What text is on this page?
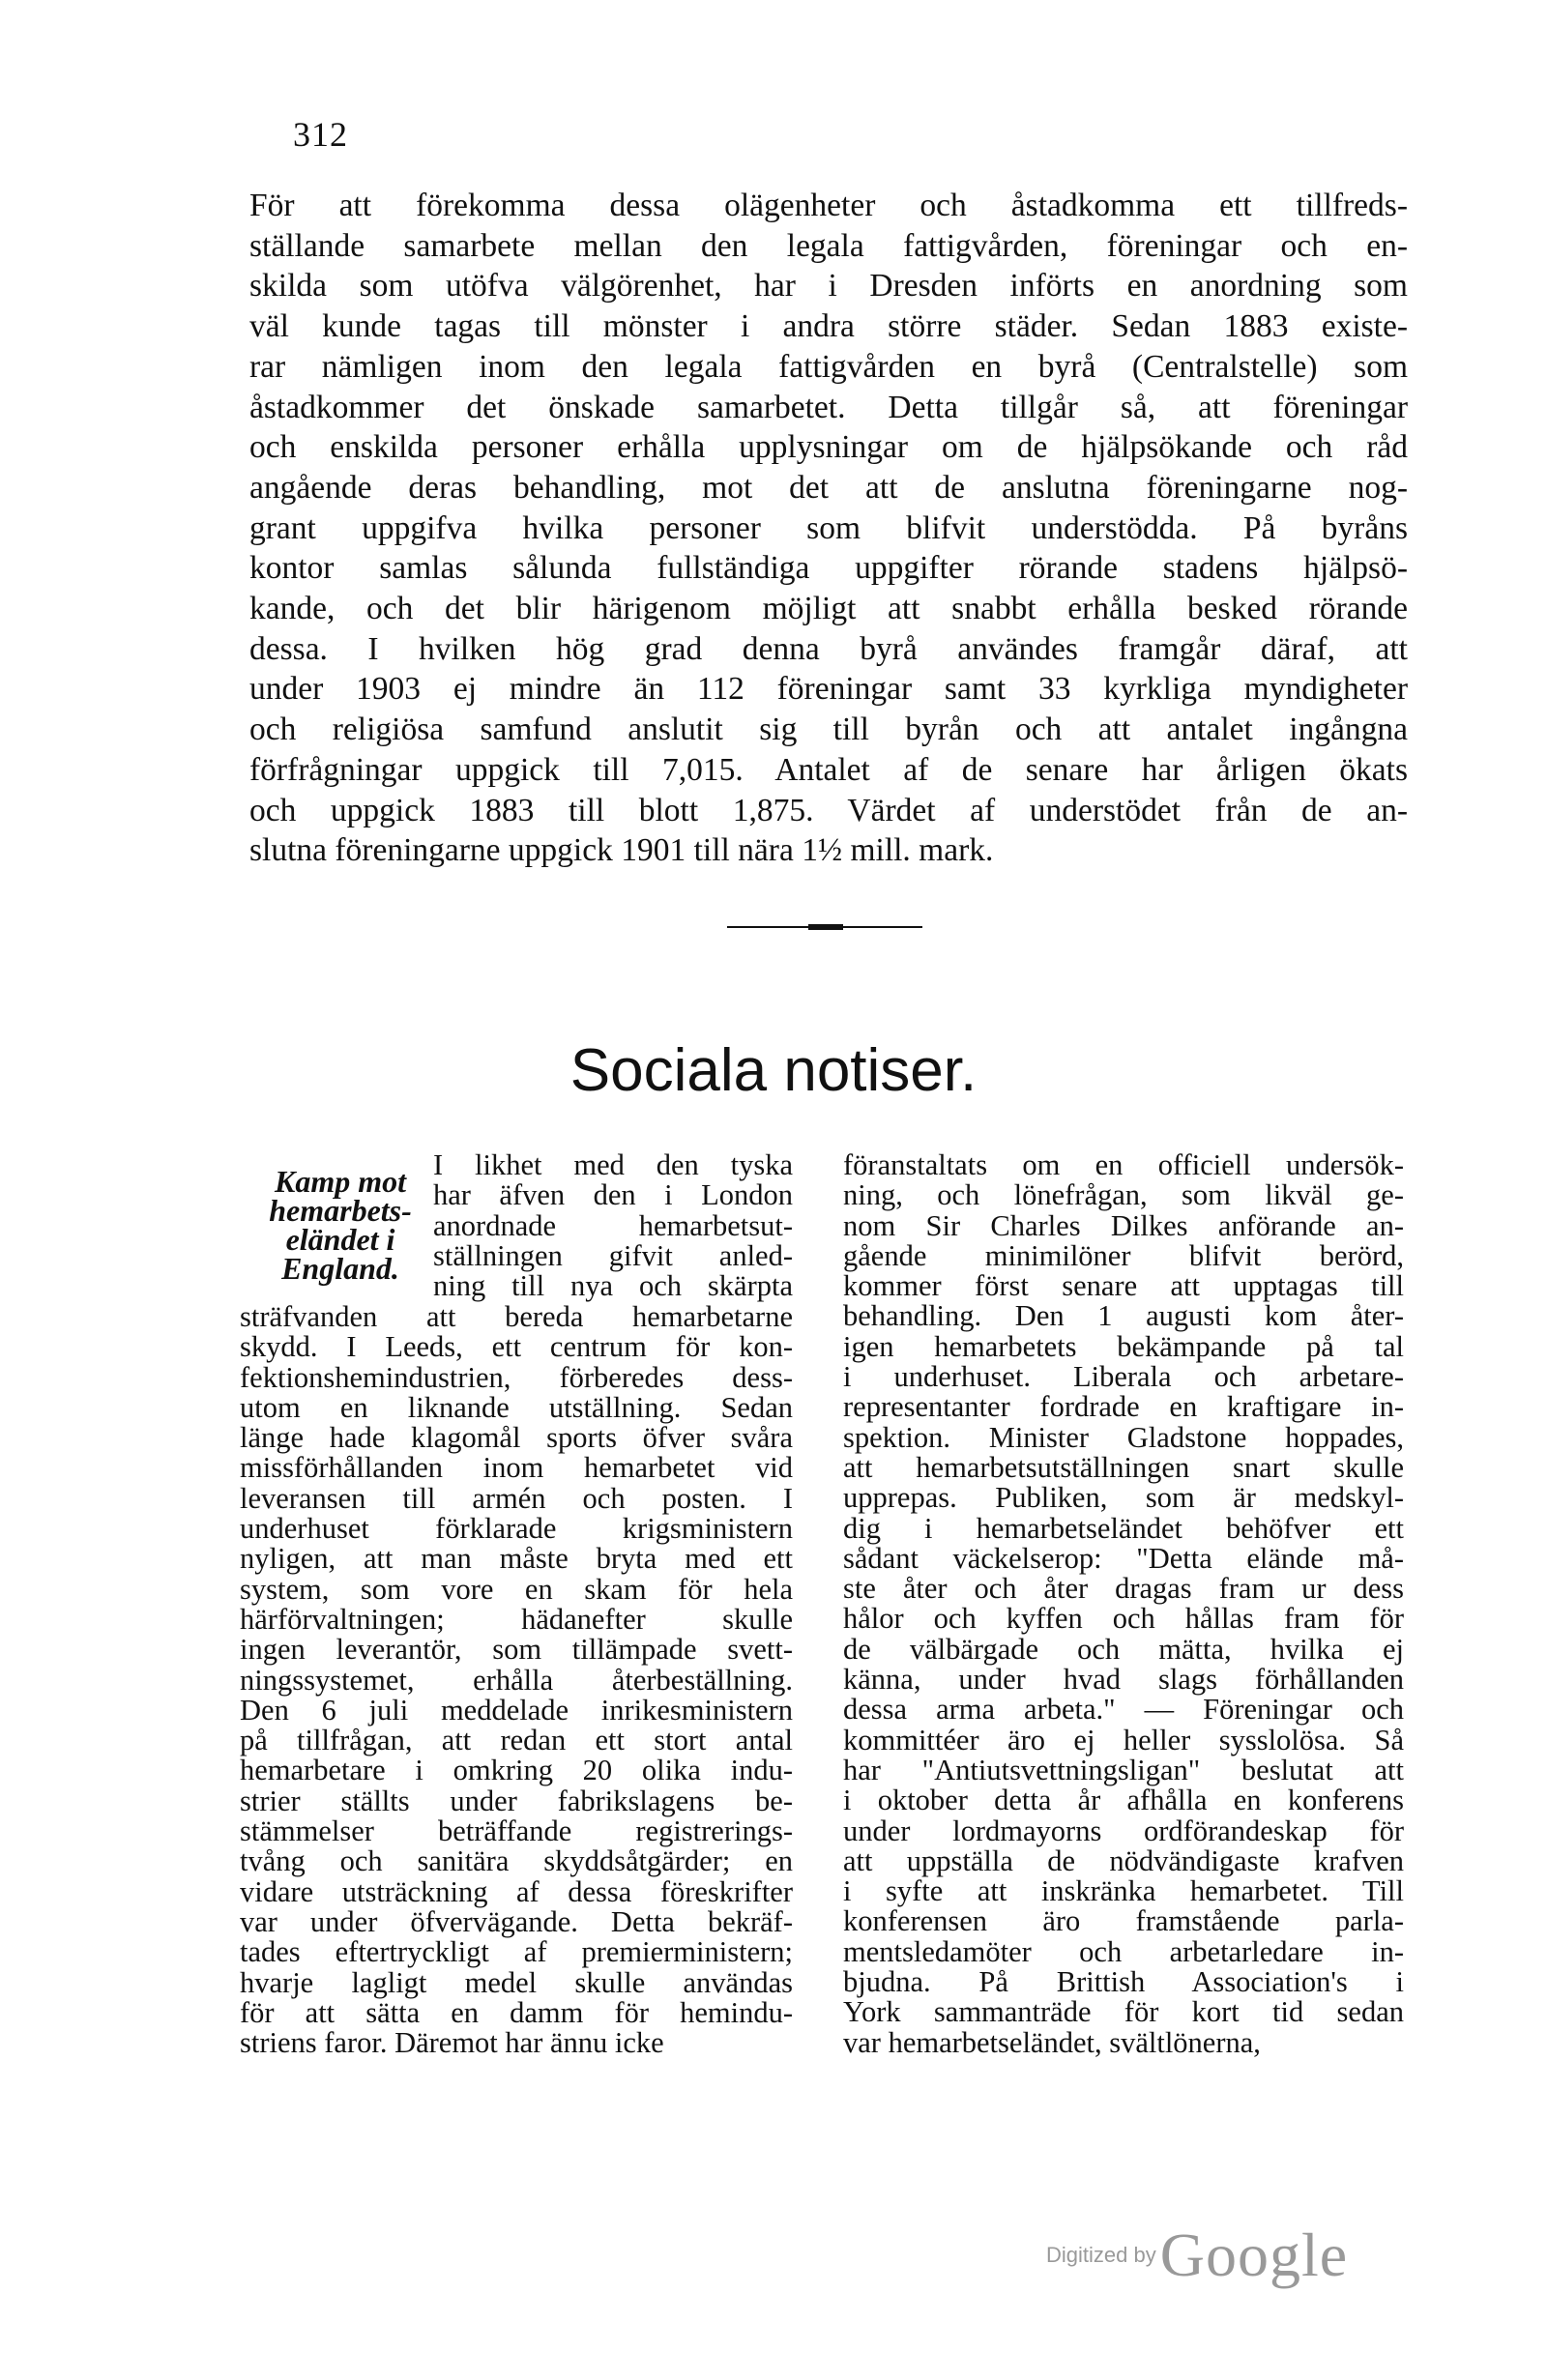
312
För att förekomma dessa olägenheter och åstadkomma ett tillfreds-
ställande samarbete mellan den legala fattigvården, föreningar och en-
skilda som utöfva välgörenhet, har i Dresden införts en anordning som
väl kunde tagas till mönster i andra större städer. Sedan 1883 existe-
rar nämligen inom den legala fattigvården en byrå (Centralstelle) som
åstadkommer det önskade samarbetet. Detta tillgår så, att föreningar
och enskilda personer erhålla upplysningar om de hjälpsökande och råd
angående deras behandling, mot det att de anslutna föreningarne nog-
grant uppgifva hvilka personer som blifvit understödda. På byråns
kontor samlas sålunda fullständiga uppgifter rörande stadens hjälpsö-
kande, och det blir härigenom möjligt att snabbt erhålla besked rörande
dessa. I hvilken hög grad denna byrå användes framgår däraf, att
under 1903 ej mindre än 112 föreningar samt 33 kyrkliga myndigheter
och religiösa samfund anslutit sig till byrån och att antalet ingångna
förfrågningar uppgick till 7,015. Antalet af de senare har årligen ökats
och uppgick 1883 till blott 1,875. Värdet af understödet från de an-
slutna föreningarne uppgick 1901 till nära 1½ mill. mark.
Sociala notiser.
Kamp mot
hemarbets-
eländet i
England.
I likhet med den tyska
har äfven den i London
anordnade hemarbetsut-
ställningen gifvit anled-
ning till nya och skärpta
sträfvanden att bereda hemarbetarne
skydd. I Leeds, ett centrum för kon-
fektionshemindustrien, förberedes dess-
utom en liknande utställning. Sedan
länge hade klagomål sports öfver svåra
missförhållanden inom hemarbetet vid
leveransen till armén och posten. I
underhuset förklarade krigsministern
nyligen, att man måste bryta med ett
system, som vore en skam för hela
härförvaltningen; hädanefter skulle
ingen leverantör, som tillämpade svett-
ningssystemet, erhålla återbeställning.
Den 6 juli meddelade inrikesministern
på tillfrågan, att redan ett stort antal
hemarbetare i omkring 20 olika indu-
strier ställts under fabrikslagens be-
stämmelser beträffande registrerings-
tvång och sanitära skyddsåtgärder; en
vidare utsträckning af dessa föreskrifter
var under öfvervägande. Detta bekräf-
tades eftertryckligt af premierministern;
hvarje lagligt medel skulle användas
för att sätta en damm för hemindu-
striens faror. Däremot har ännu icke
föranstaltats om en officiell undersök-
ning, och lönefrågan, som likväl ge-
nom Sir Charles Dilkes anförande an-
gående minimilöner blifvit berörd,
kommer först senare att upptagas till
behandling. Den 1 augusti kom åter-
igen hemarbetets bekämpande på tal
i underhuset. Liberala och arbetare-
representanter fordrade en kraftigare in-
spektion. Minister Gladstone hoppades,
att hemarbetsutställningen snart skulle
upprepas. Publiken, som är medskyl-
dig i hemarbetseländet behöfver ett
sådant väckelserop: "Detta elände må-
ste åter och åter dragas fram ur dess
hålor och kyffen och hållas fram för
de välbärgade och mätta, hvilka ej
känna, under hvad slags förhållanden
dessa arma arbeta." — Föreningar och
kommittéer äro ej heller sysslolösa. Så
har "Antiutsvettningsligan" beslutat att
i oktober detta år afhålla en konferens
under lordmayorns ordförandeskap för
att uppställa de nödvändigaste krafven
i syfte att inskränka hemarbetet. Till
konferensen äro framstående parla-
mentsledamöter och arbetarledare in-
bjudna. På Brittish Association's i
York sammanträde för kort tid sedan
var hemarbetseländet, svältlönerna,
Digitized by Google
